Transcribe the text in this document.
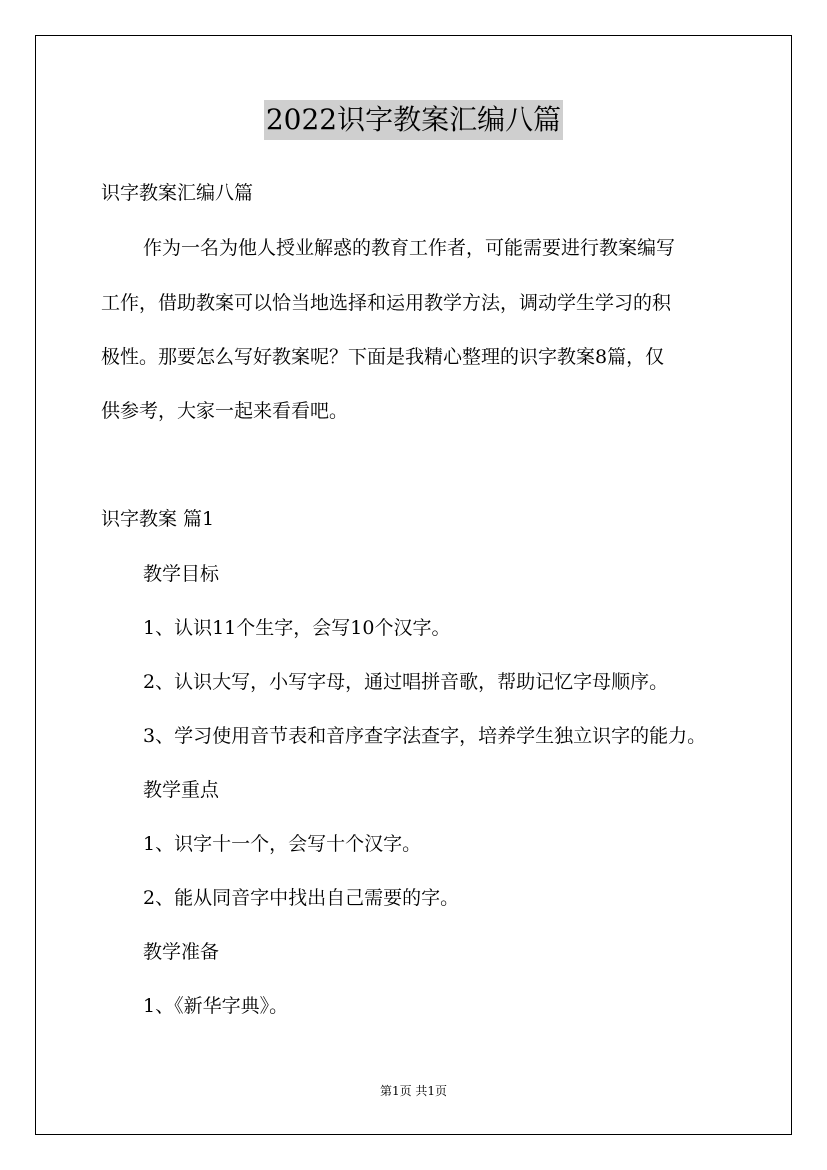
2022识字教案汇编八篇
识字教案汇编八篇
作为一名为他人授业解惑的教育工作者，可能需要进行教案编写
工作，借助教案可以恰当地选择和运用教学方法，调动学生学习的积
极性。那要怎么写好教案呢？下面是我精心整理的识字教案8篇，仅
供参考，大家一起来看看吧。
识字教案 篇1
教学目标
1、认识11个生字，会写10个汉字。
2、认识大写，小写字母，通过唱拼音歌，帮助记忆字母顺序。
3、学习使用音节表和音序查字法查字，培养学生独立识字的能力。
教学重点
1、识字十一个，会写十个汉字。
2、能从同音字中找出自己需要的字。
教学准备
1、《新华字典》。
第1页 共1页
